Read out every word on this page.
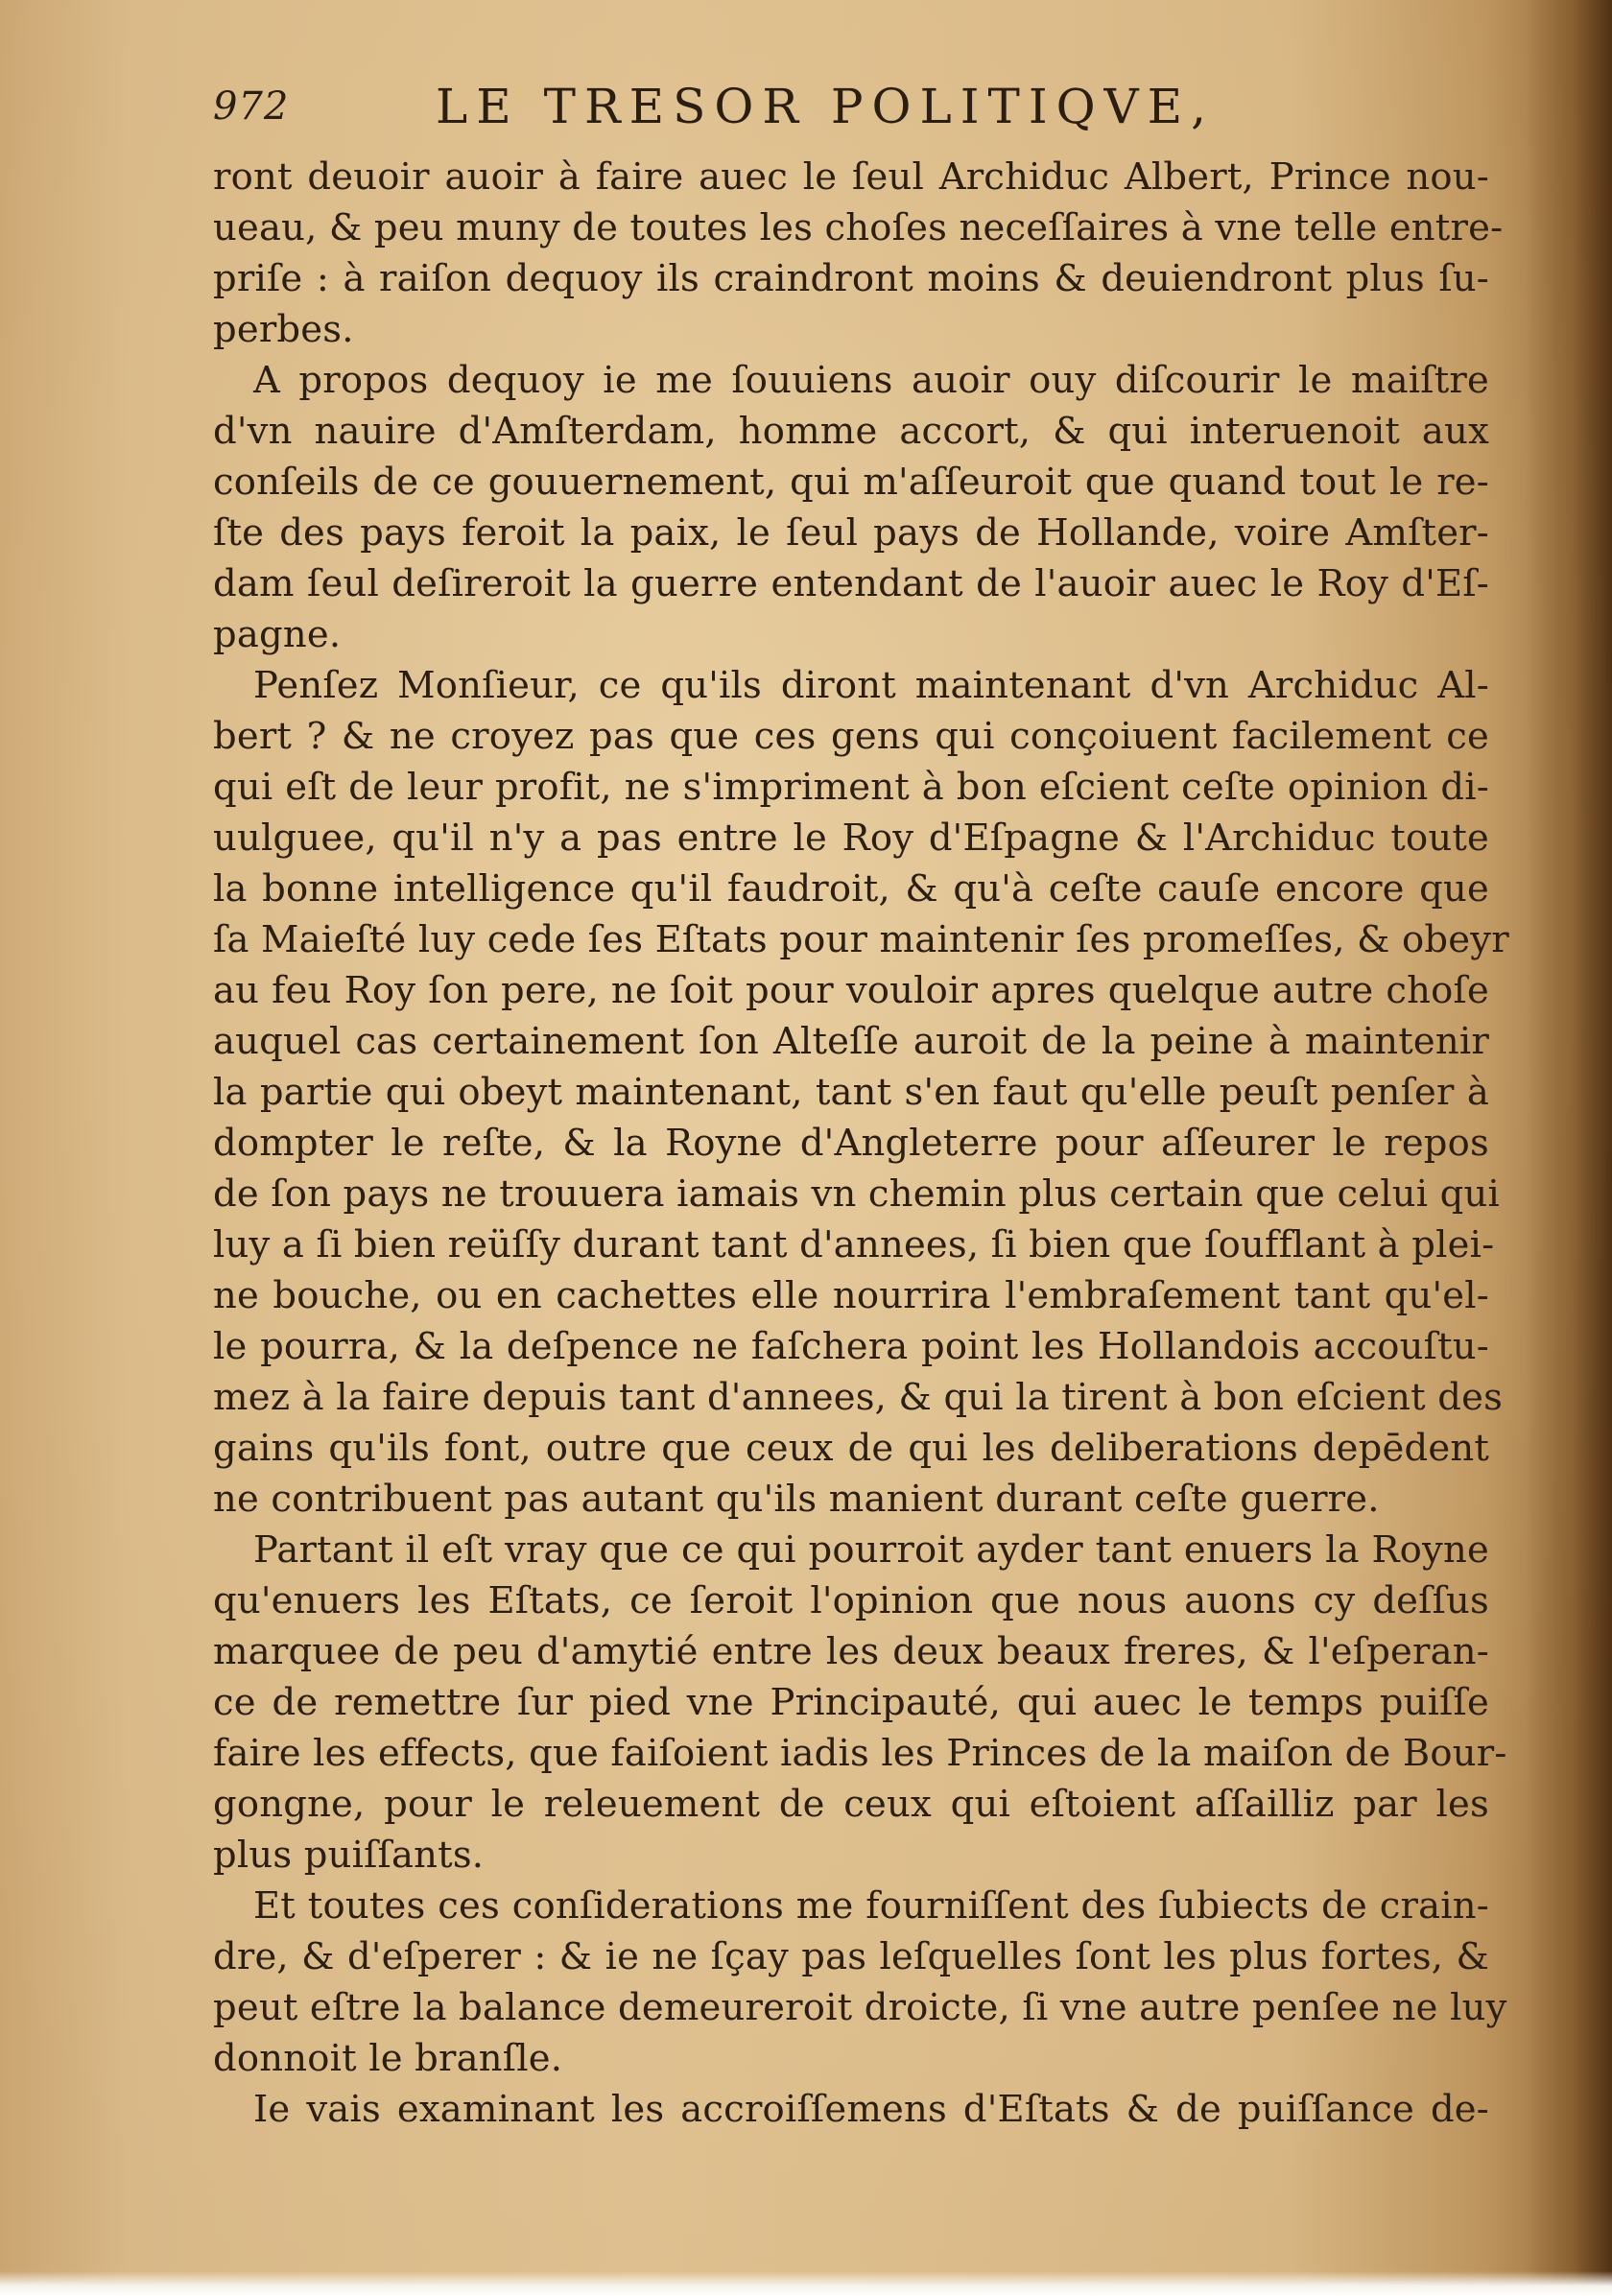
972	LE TRESOR POLITIQVE,
ront deuoir auoir à faire auec le ſeul Archiduc Albert, Prince nou-
ueau, & peu muny de toutes les choſes neceſſaires à vne telle entre-
priſe : à raiſon dequoy ils craindront moins & deuiendront plus ſu-
perbes.
A propos dequoy ie me ſouuiens auoir ouy diſcourir le maiſtre
d'vn nauire d'Amſterdam, homme accort, & qui interuenoit aux
conſeils de ce gouuernement, qui m'aſſeuroit que quand tout le re-
ſte des pays feroit la paix, le ſeul pays de Hollande, voire Amſter-
dam ſeul deſireroit la guerre entendant de l'auoir auec le Roy d'Eſ-
pagne.
Penſez Monſieur, ce qu'ils diront maintenant d'vn Archiduc Al-
bert ? & ne croyez pas que ces gens qui conçoiuent facilement ce
qui eſt de leur profit, ne s'impriment à bon eſcient ceſte opinion di-
uulguee, qu'il n'y a pas entre le Roy d'Eſpagne & l'Archiduc toute
la bonne intelligence qu'il faudroit, & qu'à ceſte cauſe encore que
ſa Maieſté luy cede ſes Eſtats pour maintenir ſes promeſſes, & obeyr
au feu Roy ſon pere, ne ſoit pour vouloir apres quelque autre choſe
auquel cas certainement ſon Alteſſe auroit de la peine à maintenir
la partie qui obeyt maintenant, tant s'en faut qu'elle peuſt penſer à
dompter le reſte, & la Royne d'Angleterre pour aſſeurer le repos
de ſon pays ne trouuera iamais vn chemin plus certain que celui qui
luy a ſi bien reüſſy durant tant d'annees, ſi bien que ſoufflant à plei-
ne bouche, ou en cachettes elle nourrira l'embraſement tant qu'el-
le pourra, & la deſpence ne faſchera point les Hollandois accouſtu-
mez à la faire depuis tant d'annees, & qui la tirent à bon eſcient des
gains qu'ils font, outre que ceux de qui les deliberations depēdent
ne contribuent pas autant qu'ils manient durant ceſte guerre.
Partant il eſt vray que ce qui pourroit ayder tant enuers la Royne
qu'enuers les Eſtats, ce ſeroit l'opinion que nous auons cy deſſus
marquee de peu d'amytié entre les deux beaux freres, & l'eſperan-
ce de remettre ſur pied vne Principauté, qui auec le temps puiſſe
faire les effects, que faiſoient iadis les Princes de la maiſon de Bour-
gongne, pour le releuement de ceux qui eſtoient aſſailliz par les
plus puiſſants.
Et toutes ces conſiderations me fourniſſent des ſubiects de crain-
dre, & d'eſperer : & ie ne ſçay pas leſquelles ſont les plus fortes, &
peut eſtre la balance demeureroit droicte, ſi vne autre penſee ne luy
donnoit le branſle.
Ie vais examinant les accroiſſemens d'Eſtats & de puiſſance de-
